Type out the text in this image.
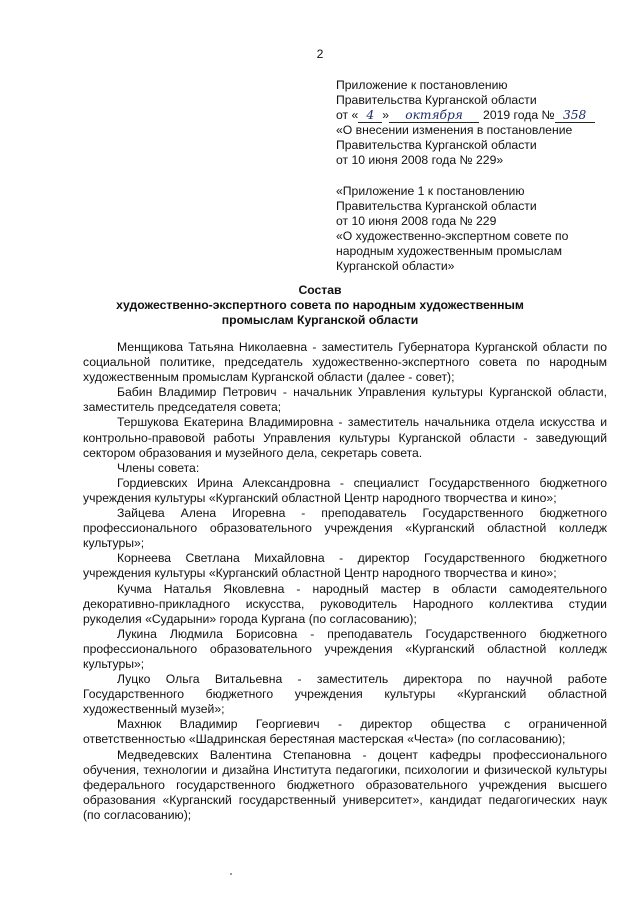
2
Приложение к постановлению
Правительства Курганской области
от « 4 » октября 2019 года № 358
«О внесении изменения в постановление
Правительства Курганской области
от 10 июня 2008 года № 229»
«Приложение 1 к постановлению
Правительства Курганской области
от 10 июня 2008 года № 229
«О художественно-экспертном совете по
народным художественным промыслам
Курганской области»
Состав
художественно-экспертного совета по народным художественным
промыслам Курганской области

Менщикова Татьяна Николаевна - заместитель Губернатора Курганской области по социальной политике, председатель художественно-экспертного совета по народным художественным промыслам Курганской области (далее - совет);

Бабин Владимир Петрович - начальник Управления культуры Курганской области, заместитель председателя совета;

Тершукова Екатерина Владимировна - заместитель начальника отдела искусства и контрольно-правовой работы Управления культуры Курганской области - заведующий сектором образования и музейного дела, секретарь совета.

Члены совета:

Гордиевских Ирина Александровна - специалист Государственного бюджетного учреждения культуры «Курганский областной Центр народного творчества и кино»;

Зайцева Алена Игоревна - преподаватель Государственного бюджетного профессионального образовательного учреждения «Курганский областной колледж культуры»;

Корнеева Светлана Михайловна - директор Государственного бюджетного учреждения культуры «Курганский областной Центр народного творчества и кино»;

Кучма Наталья Яковлевна - народный мастер в области самодеятельного декоративно-прикладного искусства, руководитель Народного коллектива студии рукоделия «Сударыни» города Кургана (по согласованию);

Лукина Людмила Борисовна - преподаватель Государственного бюджетного профессионального образовательного учреждения «Курганский областной колледж культуры»;

Луцко Ольга Витальевна - заместитель директора по научной работе Государственного бюджетного учреждения культуры «Курганский областной художественный музей»;

Махнюк Владимир Георгиевич - директор общества с ограниченной ответственностью «Шадринская берестяная мастерская «Честа» (по согласованию);

Медведевских Валентина Степановна - доцент кафедры профессионального обучения, технологии и дизайна Института педагогики, психологии и физической культуры федерального государственного бюджетного образовательного учреждения высшего образования «Курганский государственный университет», кандидат педагогических наук (по согласованию);
